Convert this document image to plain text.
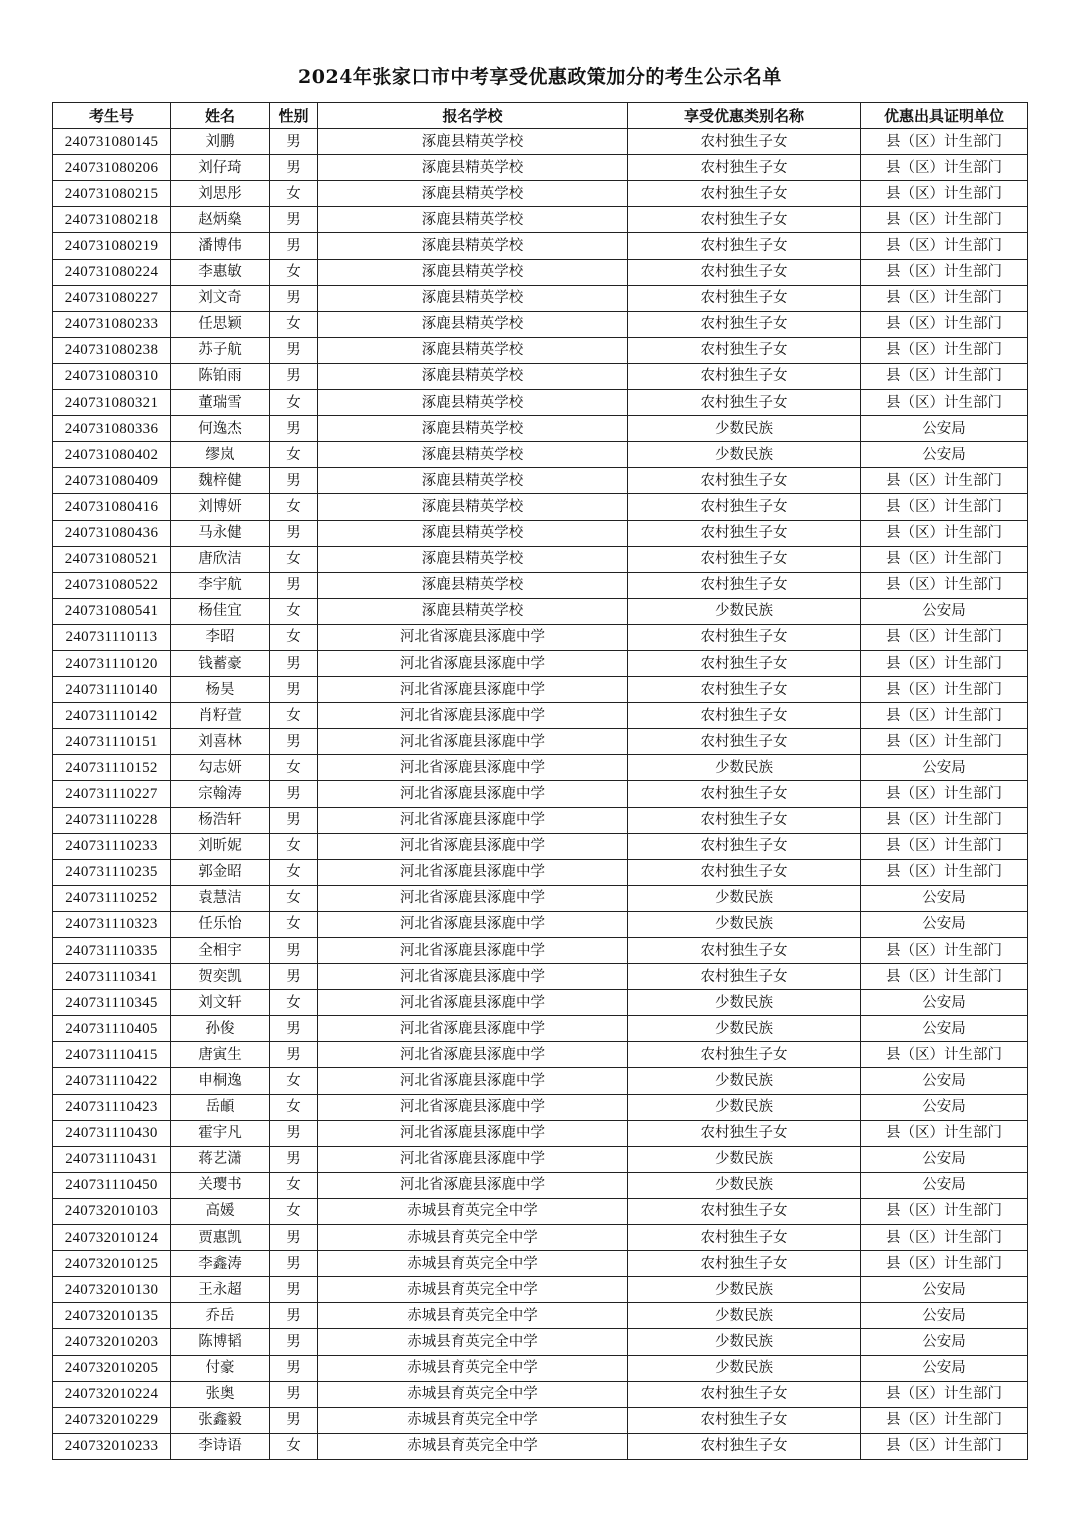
2024年张家口市中考享受优惠政策加分的考生公示名单
考生号	姓名	性别	报名学校	享受优惠类别名称	优惠出具证明单位
240731080145	刘鹏	男	涿鹿县精英学校	农村独生子女	县（区）计生部门
240731080206	刘仔琦	男	涿鹿县精英学校	农村独生子女	县（区）计生部门
240731080215	刘思彤	女	涿鹿县精英学校	农村独生子女	县（区）计生部门
240731080218	赵炳燊	男	涿鹿县精英学校	农村独生子女	县（区）计生部门
240731080219	潘博伟	男	涿鹿县精英学校	农村独生子女	县（区）计生部门
240731080224	李惠敏	女	涿鹿县精英学校	农村独生子女	县（区）计生部门
240731080227	刘文奇	男	涿鹿县精英学校	农村独生子女	县（区）计生部门
240731080233	任思颖	女	涿鹿县精英学校	农村独生子女	县（区）计生部门
240731080238	苏子航	男	涿鹿县精英学校	农村独生子女	县（区）计生部门
240731080310	陈铂雨	男	涿鹿县精英学校	农村独生子女	县（区）计生部门
240731080321	董瑞雪	女	涿鹿县精英学校	农村独生子女	县（区）计生部门
240731080336	何逸杰	男	涿鹿县精英学校	少数民族	公安局
240731080402	缪岚	女	涿鹿县精英学校	少数民族	公安局
240731080409	魏梓健	男	涿鹿县精英学校	农村独生子女	县（区）计生部门
240731080416	刘博妍	女	涿鹿县精英学校	农村独生子女	县（区）计生部门
240731080436	马永健	男	涿鹿县精英学校	农村独生子女	县（区）计生部门
240731080521	唐欣洁	女	涿鹿县精英学校	农村独生子女	县（区）计生部门
240731080522	李宇航	男	涿鹿县精英学校	农村独生子女	县（区）计生部门
240731080541	杨佳宜	女	涿鹿县精英学校	少数民族	公安局
240731110113	李昭	女	河北省涿鹿县涿鹿中学	农村独生子女	县（区）计生部门
240731110120	钱蓄豪	男	河北省涿鹿县涿鹿中学	农村独生子女	县（区）计生部门
240731110140	杨昊	男	河北省涿鹿县涿鹿中学	农村独生子女	县（区）计生部门
240731110142	肖籽萱	女	河北省涿鹿县涿鹿中学	农村独生子女	县（区）计生部门
240731110151	刘喜林	男	河北省涿鹿县涿鹿中学	农村独生子女	县（区）计生部门
240731110152	勾志妍	女	河北省涿鹿县涿鹿中学	少数民族	公安局
240731110227	宗翰涛	男	河北省涿鹿县涿鹿中学	农村独生子女	县（区）计生部门
240731110228	杨浩轩	男	河北省涿鹿县涿鹿中学	农村独生子女	县（区）计生部门
240731110233	刘昕妮	女	河北省涿鹿县涿鹿中学	农村独生子女	县（区）计生部门
240731110235	郭金昭	女	河北省涿鹿县涿鹿中学	农村独生子女	县（区）计生部门
240731110252	袁慧洁	女	河北省涿鹿县涿鹿中学	少数民族	公安局
240731110323	任乐怡	女	河北省涿鹿县涿鹿中学	少数民族	公安局
240731110335	全相宇	男	河北省涿鹿县涿鹿中学	农村独生子女	县（区）计生部门
240731110341	贺奕凯	男	河北省涿鹿县涿鹿中学	农村独生子女	县（区）计生部门
240731110345	刘文轩	女	河北省涿鹿县涿鹿中学	少数民族	公安局
240731110405	孙俊	男	河北省涿鹿县涿鹿中学	少数民族	公安局
240731110415	唐寅生	男	河北省涿鹿县涿鹿中学	农村独生子女	县（区）计生部门
240731110422	申桐逸	女	河北省涿鹿县涿鹿中学	少数民族	公安局
240731110423	岳頔	女	河北省涿鹿县涿鹿中学	少数民族	公安局
240731110430	霍宇凡	男	河北省涿鹿县涿鹿中学	农村独生子女	县（区）计生部门
240731110431	蒋艺潇	男	河北省涿鹿县涿鹿中学	少数民族	公安局
240731110450	关璎书	女	河北省涿鹿县涿鹿中学	少数民族	公安局
240732010103	高媛	女	赤城县育英完全中学	农村独生子女	县（区）计生部门
240732010124	贾惠凯	男	赤城县育英完全中学	农村独生子女	县（区）计生部门
240732010125	李鑫涛	男	赤城县育英完全中学	农村独生子女	县（区）计生部门
240732010130	王永超	男	赤城县育英完全中学	少数民族	公安局
240732010135	乔岳	男	赤城县育英完全中学	少数民族	公安局
240732010203	陈博韬	男	赤城县育英完全中学	少数民族	公安局
240732010205	付豪	男	赤城县育英完全中学	少数民族	公安局
240732010224	张奥	男	赤城县育英完全中学	农村独生子女	县（区）计生部门
240732010229	张鑫毅	男	赤城县育英完全中学	农村独生子女	县（区）计生部门
240732010233	李诗语	女	赤城县育英完全中学	农村独生子女	县（区）计生部门
